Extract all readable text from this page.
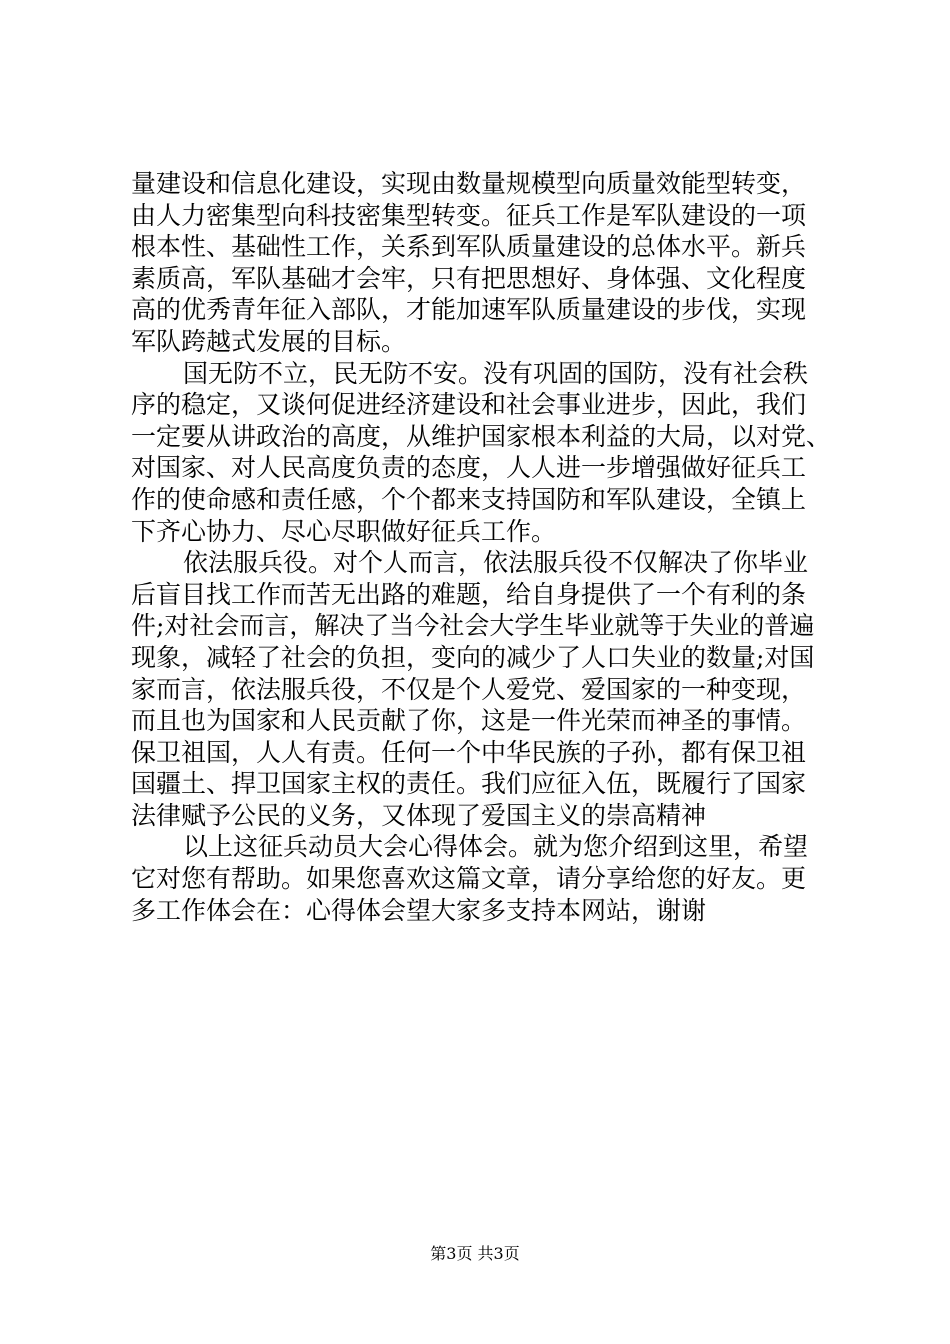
量建设和信息化建设，实现由数量规模型向质量效能型转变，
由人力密集型向科技密集型转变。征兵工作是军队建设的一项
根本性、基础性工作，关系到军队质量建设的总体水平。新兵
素质高，军队基础才会牢，只有把思想好、身体强、文化程度
高的优秀青年征入部队，才能加速军队质量建设的步伐，实现
军队跨越式发展的目标。
国无防不立，民无防不安。没有巩固的国防，没有社会秩
序的稳定，又谈何促进经济建设和社会事业进步，因此，我们
一定要从讲政治的高度，从维护国家根本利益的大局，以对党、
对国家、对人民高度负责的态度，人人进一步增强做好征兵工
作的使命感和责任感，个个都来支持国防和军队建设，全镇上
下齐心协力、尽心尽职做好征兵工作。
依法服兵役。对个人而言，依法服兵役不仅解决了你毕业
后盲目找工作而苦无出路的难题，给自身提供了一个有利的条
件;对社会而言，解决了当今社会大学生毕业就等于失业的普遍
现象，减轻了社会的负担，变向的减少了人口失业的数量;对国
家而言，依法服兵役，不仅是个人爱党、爱国家的一种变现，
而且也为国家和人民贡献了你，这是一件光荣而神圣的事情。
保卫祖国，人人有责。任何一个中华民族的子孙，都有保卫祖
国疆土、捍卫国家主权的责任。我们应征入伍，既履行了国家
法律赋予公民的义务，又体现了爱国主义的崇高精神
以上这征兵动员大会心得体会。就为您介绍到这里，希望
它对您有帮助。如果您喜欢这篇文章，请分享给您的好友。更
多工作体会在：心得体会望大家多支持本网站，谢谢
第3页 共3页
